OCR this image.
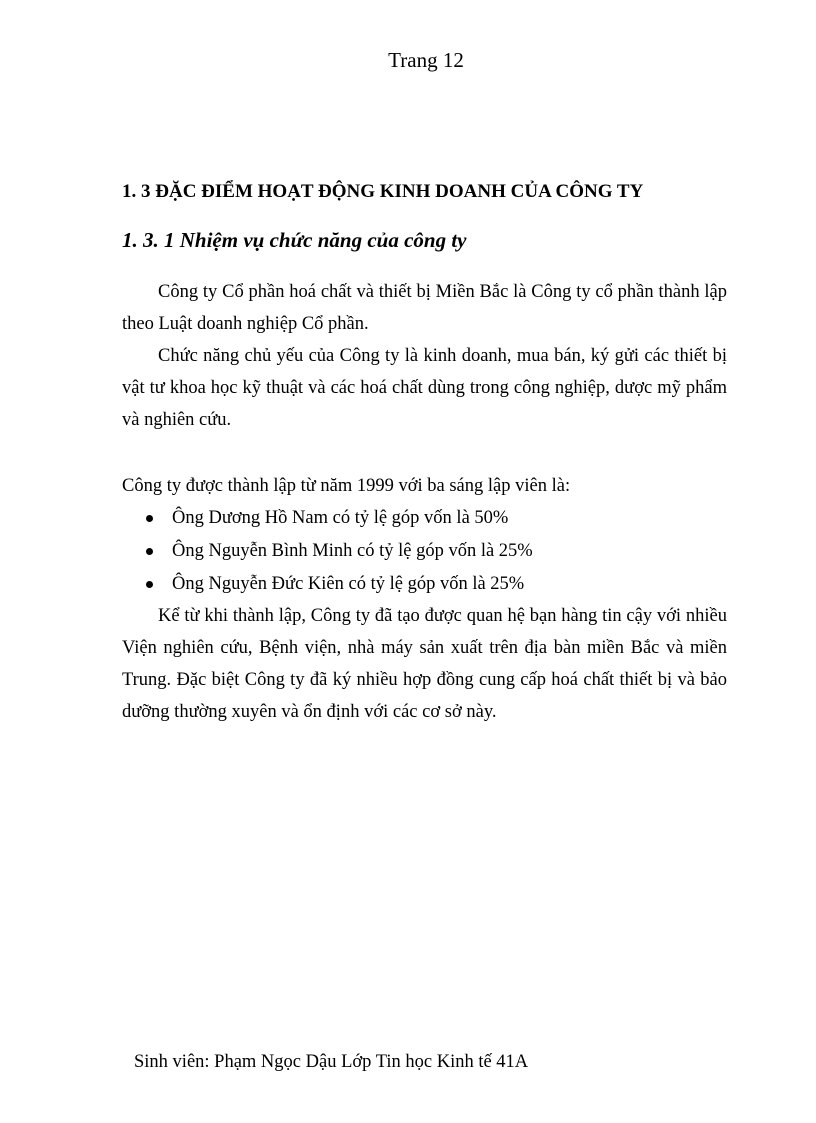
Trang 12
1. 3 ĐẶC ĐIỂM HOẠT ĐỘNG KINH DOANH CỦA CÔNG TY
1. 3. 1 Nhiệm vụ chức năng của công ty

Công ty Cổ phần hoá chất và thiết bị Miền Bắc là Công ty cổ phần thành lập theo Luật doanh nghiệp Cổ phần.

Chức năng chủ yếu của Công ty là kinh doanh, mua bán, ký gửi các thiết bị vật tư khoa học kỹ thuật và các hoá chất dùng trong công nghiệp, dược mỹ phẩm và nghiên cứu.

Công ty được thành lập từ năm 1999 với ba sáng lập viên là:

Ông Dương Hồ Nam có tỷ lệ góp vốn là 50%
Ông Nguyễn Bình Minh có tỷ lệ góp vốn là 25%
Ông Nguyễn Đức Kiên có tỷ lệ góp vốn là 25%

Kể từ khi thành lập, Công ty đã tạo được quan hệ bạn hàng tin cậy với nhiều Viện nghiên cứu, Bệnh viện, nhà máy sản xuất trên địa bàn miền Bắc và miền Trung. Đặc biệt Công ty đã ký nhiều hợp đồng cung cấp hoá chất thiết bị và bảo dưỡng thường xuyên và ổn định với các cơ sở này.

Sinh viên: Phạm Ngọc Dậu Lớp Tin học Kinh tế 41A
